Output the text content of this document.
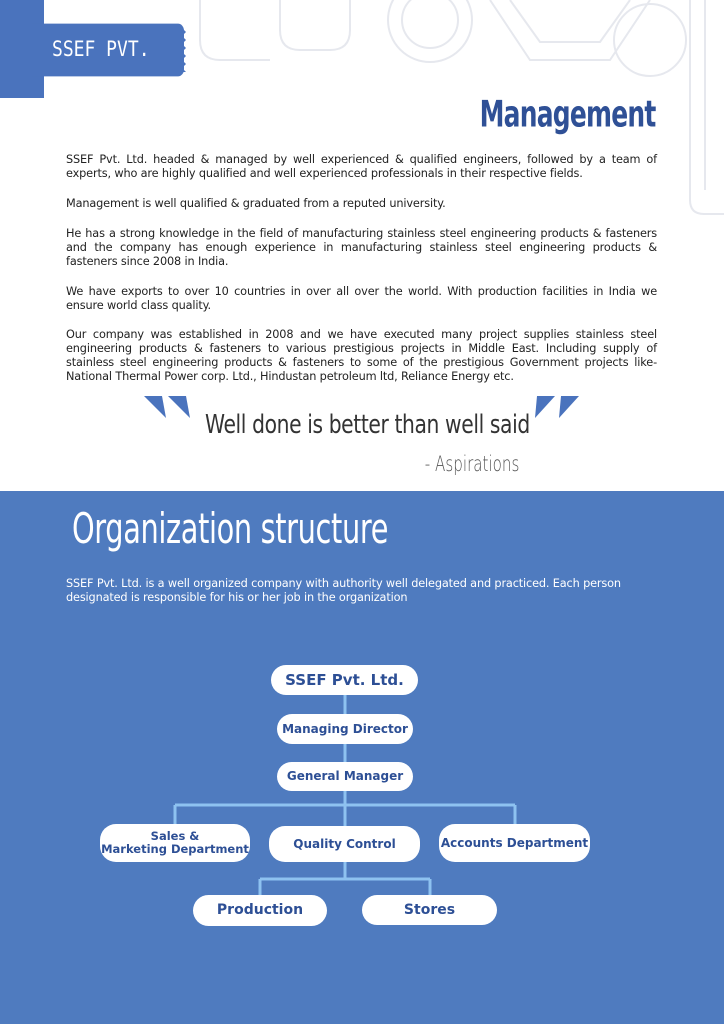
SSEF PVT. LTD.	Management

SSEF Pvt. Ltd. headed & managed by well experienced & qualified engineers, followed by a team of experts, who are highly qualified and well experienced professionals in their respective fields.

Management is well qualified & graduated from a reputed university.

He has a strong knowledge in the field of manufacturing stainless steel engineering products & fasteners and the company has enough experience in manufacturing stainless steel engineering products & fasteners since 2008 in India.

We have exports to over 10 countries in over all over the world. With production facilities in India we ensure world class quality.

Our company was established in 2008 and we have executed many project supplies stainless steel engineering products & fasteners to various prestigious projects in Middle East. Including supply of stainless steel engineering products & fasteners to some of the prestigious Government projects like- National Thermal Power corp. Ltd., Hindustan petroleum ltd, Reliance Energy etc.

Well done is better than well said
- Aspirations
Organization structure

SSEF Pvt. Ltd. is a well organized company with authority well delegated and practiced. Each person designated is responsible for his or her job in the organization

SSEF Pvt. Ltd.
Managing Director
General Manager
Sales &
Marketing Department	Quality Control	Accounts Department
Production	Stores
